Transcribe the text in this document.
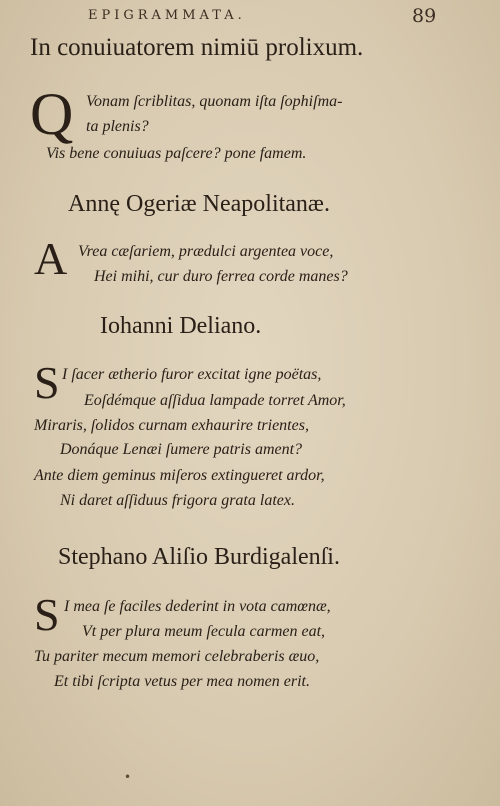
EPIGRAMMATA.	89
In conuiuatorem nimiū prolixum.
Q Vonam ſcriblitas, quonam iſta ſophiſma-
ta plenis?
Vis bene conuiuas paſcere? pone famem.
Annę Ogeriæ Neapolitanæ.
A Vrea cæſariem, prædulci argentea voce,
Hei mihi, cur duro ferrea corde manes?
Iohanni Deliano.
S I ſacer ætherio furor excitat igne poëtas,
Eoſdémque aſſidua lampade torret Amor,
Miraris, ſolidos curnam exhaurire trientes,
Donáque Lenæi ſumere patris ament?
Ante diem geminus miſeros extingueret ardor,
Ni daret aſſiduus frigora grata latex.
Stephano Aliſio Burdigalenſi.
S I mea ſe faciles dederint in vota camœnæ,
Vt per plura meum ſecula carmen eat,
Tu pariter mecum memori celebraberis æuo,
Et tibi ſcripta vetus per mea nomen erit.
•
